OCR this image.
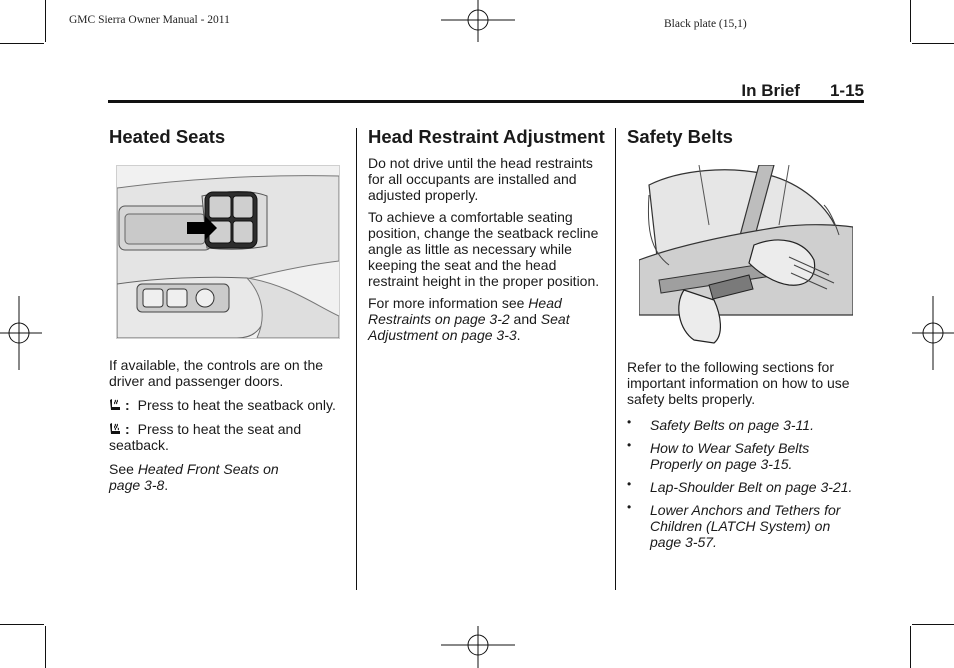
GMC Sierra Owner Manual - 2011	Black plate (15,1)
In Brief 1-15
Heated Seats

If available, the controls are on the driver and passenger doors.

: Press to heat the seatback only.

: Press to heat the seat and seatback.

See Heated Front Seats on page 3-8.

Head Restraint Adjustment

Do not drive until the head restraints for all occupants are installed and adjusted properly.

To achieve a comfortable seating position, change the seatback recline angle as little as necessary while keeping the seat and the head restraint height in the proper position.

For more information see Head Restraints on page 3-2 and Seat Adjustment on page 3-3.

Safety Belts

Refer to the following sections for important information on how to use safety belts properly.

• Safety Belts on page 3-11.
• How to Wear Safety Belts Properly on page 3-15.
• Lap-Shoulder Belt on page 3-21.
• Lower Anchors and Tethers for Children (LATCH System) on page 3-57.
